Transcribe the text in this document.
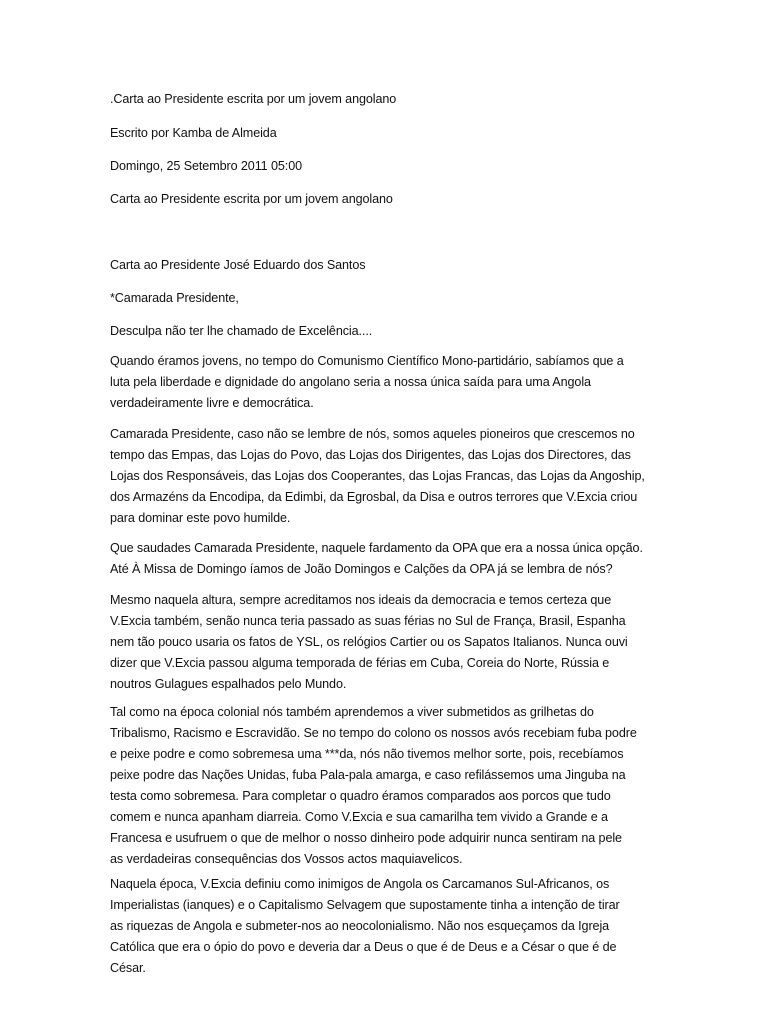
.Carta ao Presidente escrita por um jovem angolano

Escrito por Kamba de Almeida

Domingo, 25 Setembro 2011 05:00

Carta ao Presidente escrita por um jovem angolano

Carta ao Presidente José Eduardo dos Santos

*Camarada Presidente,

Desculpa não ter lhe chamado de Excelência....

Quando éramos jovens, no tempo do Comunismo Científico Mono-partidário, sabíamos que a
luta pela liberdade e dignidade do angolano seria a nossa única saída para uma Angola
verdadeiramente livre e democrática.
Camarada Presidente, caso não se lembre de nós, somos aqueles pioneiros que crescemos no
tempo das Empas, das Lojas do Povo, das Lojas dos Dirigentes, das Lojas dos Directores, das
Lojas dos Responsáveis, das Lojas dos Cooperantes, das Lojas Francas, das Lojas da Angoship,
dos Armazéns da Encodipa, da Edimbi, da Egrosbal, da Disa e outros terrores que V.Excia criou
para dominar este povo humilde.
Que saudades Camarada Presidente, naquele fardamento da OPA que era a nossa única opção.
Até À Missa de Domingo íamos de João Domingos e Calções da OPA já se lembra de nós?
Mesmo naquela altura, sempre acreditamos nos ideais da democracia e temos certeza que
V.Excia também, senão nunca teria passado as suas férias no Sul de França, Brasil, Espanha
nem tão pouco usaria os fatos de YSL, os relógios Cartier ou os Sapatos Italianos. Nunca ouvi
dizer que V.Excia passou alguma temporada de férias em Cuba, Coreia do Norte, Rússia e
noutros Gulagues espalhados pelo Mundo.
Tal como na época colonial nós também aprendemos a viver submetidos as grilhetas do
Tribalismo, Racismo e Escravidão. Se no tempo do colono os nossos avós recebiam fuba podre
e peixe podre e como sobremesa uma ***da, nós não tivemos melhor sorte, pois, recebíamos
peixe podre das Nações Unidas, fuba Pala-pala amarga, e caso refilássemos uma Jinguba na
testa como sobremesa. Para completar o quadro éramos comparados aos porcos que tudo
comem e nunca apanham diarreia. Como V.Excia e sua camarilha tem vivido a Grande e a
Francesa e usufruem o que de melhor o nosso dinheiro pode adquirir nunca sentiram na pele
as verdadeiras consequências dos Vossos actos maquiavelicos.
Naquela época, V.Excia definiu como inimigos de Angola os Carcamanos Sul-Africanos, os
Imperialistas (ianques) e o Capitalismo Selvagem que supostamente tinha a intenção de tirar
as riquezas de Angola e submeter-nos ao neocolonialismo. Não nos esqueçamos da Igreja
Católica que era o ópio do povo e deveria dar a Deus o que é de Deus e a César o que é de
César.
